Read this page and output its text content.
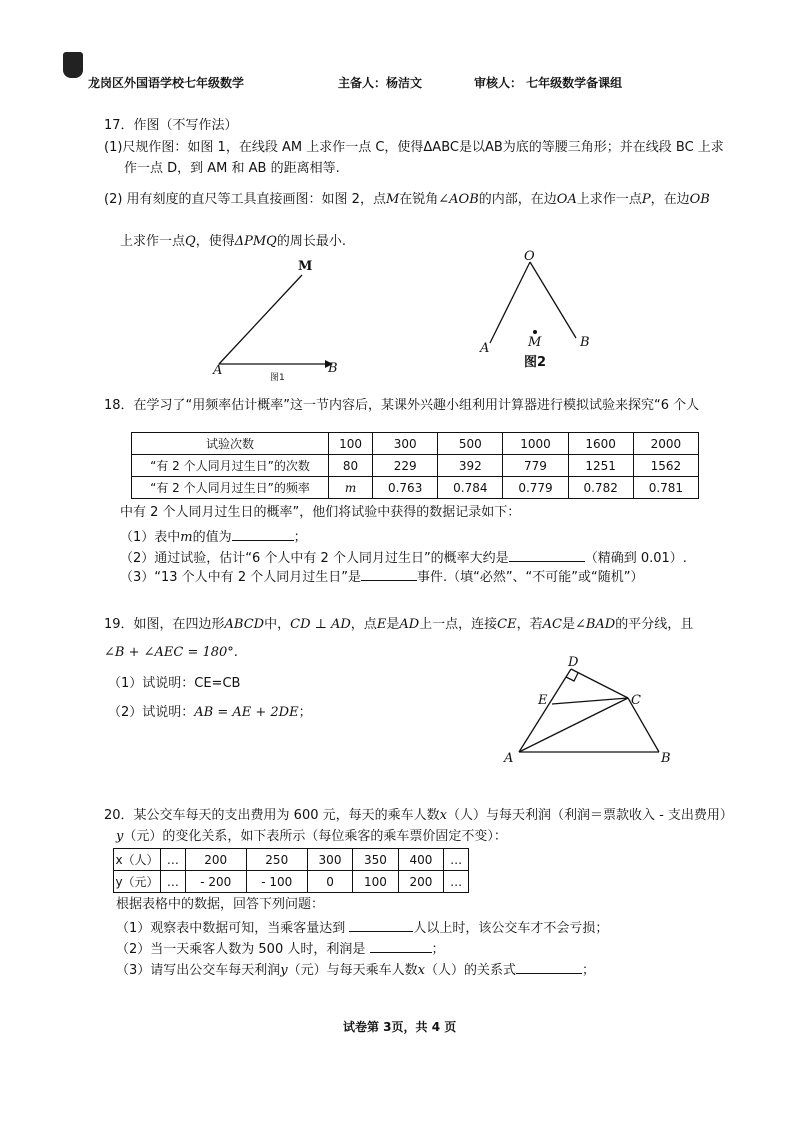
龙岗区外国语学校七年级数学	主备人：杨洁文	审核人： 七年级数学备课组
17．作图（不写作法）
(1)尺规作图：如图 1，在线段 AM 上求作一点 C，使得ΔABC是以AB为底的等腰三角形；并在线段 BC 上求
作一点 D，到 AM 和 AB 的距离相等.
(2) 用有刻度的直尺等工具直接画图：如图 2，点M在锐角∠AOB的内部，在边OA上求作一点P，在边OB
上求作一点Q，使得ΔPMQ的周长最小.
M
A	B
O
M
A	B
D
E	C
A	B
图1
图2
18．在学习了“用频率估计概率”这一节内容后，某课外兴趣小组利用计算器进行模拟试验来探究“6 个人
试验次数	100	300	500	1000	1600	2000
“有 2 个人同月过生日”的次数	80	229	392	779	1251	1562
“有 2 个人同月过生日”的频率	m	0.763	0.784	0.779	0.782	0.781
中有 2 个人同月过生日的概率”，他们将试验中获得的数据记录如下：
（1）表中m的值为	；
（2）通过试验，估计“6 个人中有 2 个人同月过生日”的概率大约是	（精确到 0.01）.
（3）“13 个人中有 2 个人同月过生日”是	事件.（填“必然”、“不可能”或“随机”）
19．如图，在四边形ABCD中，CD ⊥ AD，点E是AD上一点，连接CE，若AC是∠BAD的平分线，且
∠B + ∠AEC = 180°.
（1）试说明：CE=CB
（2）试说明：AB = AE + 2DE；
20．某公交车每天的支出费用为 600 元，每天的乘车人数x（人）与每天利润（利润＝票款收入 - 支出费用）
y（元）的变化关系，如下表所示（每位乘客的乘车票价固定不变）：
x（人）	…	200	250	300	350	400	…
y（元）	…	- 200	- 100	0	100	200	…
根据表格中的数据，回答下列问题：
（1）观察表中数据可知，当乘客量达到	人以上时，该公交车才不会亏损；
（2）当一天乘客人数为 500 人时，利润是	；
（3）请写出公交车每天利润y（元）与每天乘车人数x（人）的关系式	；
试卷第 3页，共 4 页
